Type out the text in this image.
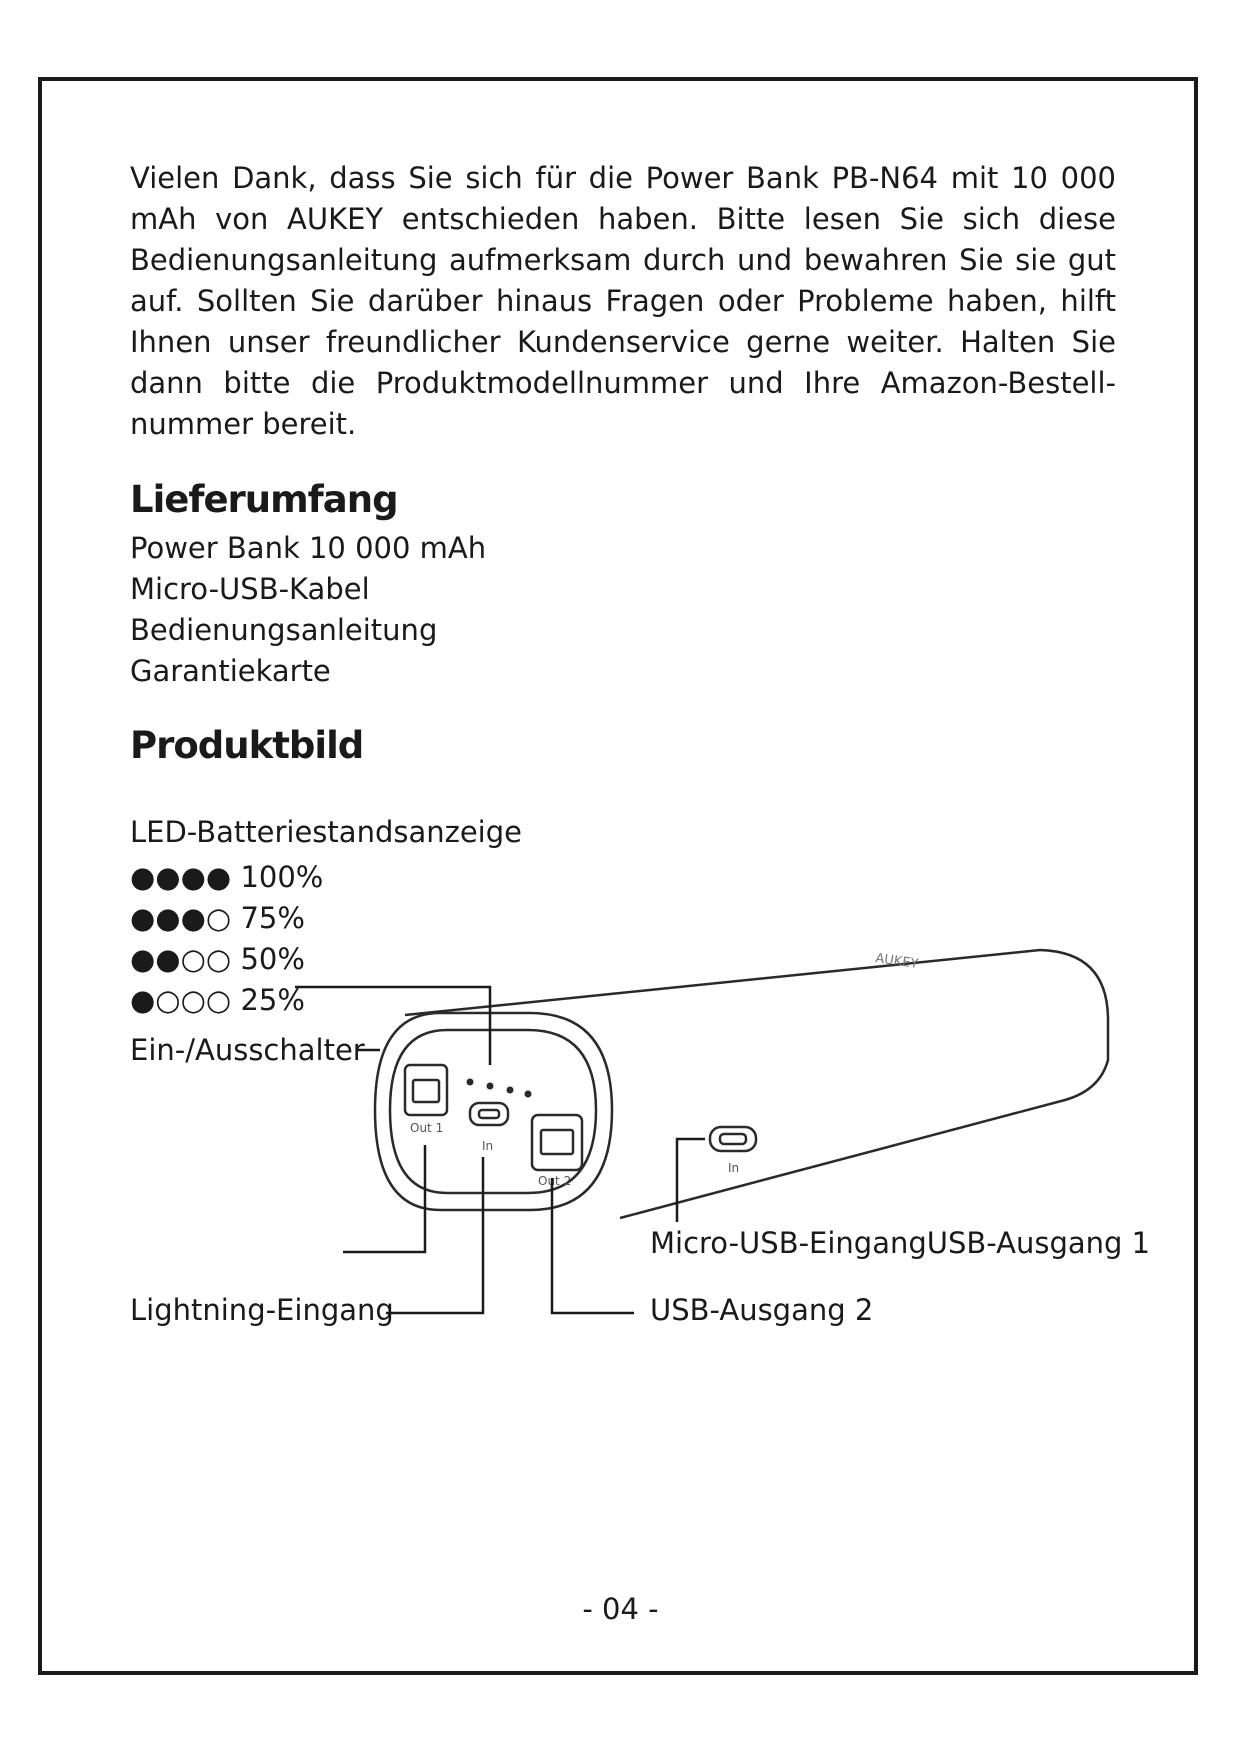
Vielen Dank, dass Sie sich für die Power Bank PB-N64 mit 10 000 mAh von AUKEY entschieden haben. Bitte lesen Sie sich diese Bedienungsanleitung aufmerksam durch und bewahren Sie sie gut auf. Sollten Sie darüber hinaus Fragen oder Probleme haben, hilft Ihnen unser freundlicher Kundenservice gerne weiter. Halten Sie dann bitte die Produktmodellnummer und Ihre Amazon-Bestell-nummer bereit.

Lieferumfang
Power Bank 10 000 mAh
Micro-USB-Kabel
Bedienungsanleitung
Garantiekarte
Produktbild
LED-Batteriestandsanzeige
●●●● 100%
●●●○ 75%
●●○○ 50%
●○○○ 25%
Ein-/Ausschalter
Lightning-Eingang
Micro-USB-EingangUSB-Ausgang 1
USB-Ausgang 2
Out 1
In
Out 2
In
AUKEY
- 04 -
